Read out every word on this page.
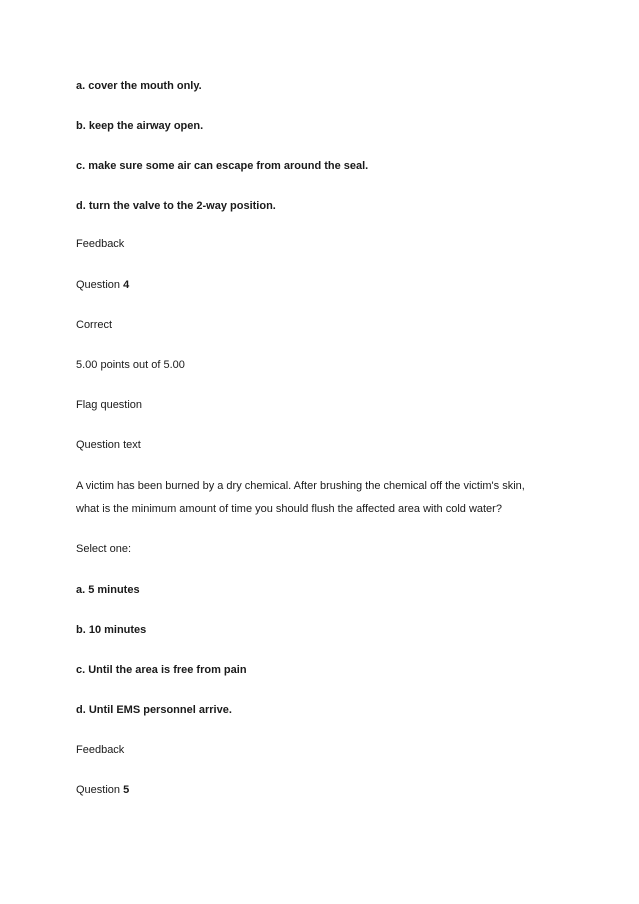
a. cover the mouth only.
b. keep the airway open.
c. make sure some air can escape from around the seal.
d. turn the valve to the 2-way position.
Feedback
Question 4
Correct
5.00 points out of 5.00
Flag question
Question text
A victim has been burned by a dry chemical. After brushing the chemical off the victim's skin,
what is the minimum amount of time you should flush the affected area with cold water?
Select one:
a. 5 minutes
b. 10 minutes
c. Until the area is free from pain
d. Until EMS personnel arrive.
Feedback
Question 5
